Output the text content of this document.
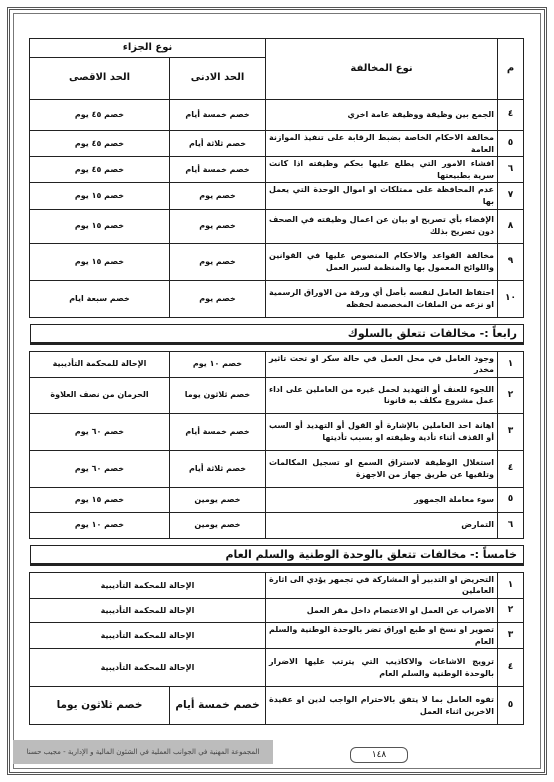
م	نوع المخالفة	نوع الجزاء	
		الحد الادنى	الحد الاقصى
٤	الجمع بين وظيفة ووظيفة عامة اخري	خصم خمسة أيام	خصم ٤٥ يوم
٥	مخالفة الاحكام الخاصة بضبط الرقابة على تنفيذ الموازنة العامة	خصم ثلاثة أيام	خصم ٤٥ يوم
٦	افشاء الامور التي يطلع عليها بحكم وظيفته اذا كانت سرية بطبيعتها	خصم خمسة أيام	خصم ٤٥ يوم
٧	عدم المحافظة على ممتلكات او اموال الوحدة التي يعمل بها	خصم يوم	خصم ١٥ يوم
٨	الإفضاء بأي تصريح او بيان عن اعمال وظيفته في الصحف دون تصريح بذلك	خصم يوم	خصم ١٥ يوم
٩	مخالفة القواعد والاحكام المنصوص عليها في القوانين واللوائح المعمول بها والمنظمة لسير العمل	خصم يوم	خصم ١٥ يوم
١٠	احتفاظ العامل لنفسه بأصل أي ورقة من الاوراق الرسمية او نزعه من الملفات المخصصة لحفظه	خصم يوم	خصم سبعة ايام
رابعاً :- مخالفات تتعلق بالسلوك
١	وجود العامل في محل العمل في حالة سكر او تحت تاثير مخدر	خصم ١٠ يوم	الإحالة للمحكمة التأديبية
٢	اللجوء للعنف أو التهديد لحمل غيره من العاملين على اداء عمل مشروع مكلف به قانونا	خصم ثلاثون يوما	الحرمان من نصف العلاوة
٣	اهانة احد العاملين بالإشارة أو القول أو التهديد أو السب أو القذف أثناء تأدية وظيفته او بسبب تأديتها	خصم خمسة أيام	خصم ٦٠ يوم
٤	استغلال الوظيفة لاستراق السمع او تسجيل المكالمات وتلقيها عن طريق جهاز من الاجهزة	خصم ثلاثة أيام	خصم ٦٠ يوم
٥	سوء معاملة الجمهور	خصم يومين	خصم ١٥ يوم
٦	التمارض	خصم يومين	خصم ١٠ يوم
خامساً :- مخالفات تتعلق بالوحدة الوطنية والسلم العام
١	التحريض او التدبير أو المشاركة في تجمهر يؤدي الى اثارة العاملين	الإحالة للمحكمة التأديبية	
٢	الاضراب عن العمل او الاعتصام داخل مقر العمل	الإحالة للمحكمة التأديبية	
٣	تصوير او نسخ او طبع اوراق تضر بالوحدة الوطنية والسلم العام	الإحالة للمحكمة التأديبية	
٤	ترويج الاشاعات والاكاذيب التي يترتب عليها الاضرار بالوحدة الوطنية والسلم العام	الإحالة للمحكمة التأديبية	
٥	تفوه العامل بما لا يتفق بالاحترام الواجب لدين او عقيدة الاخرين اثناء العمل	خصم خمسة أيام	خصم ثلاثون يوما
المجموعة المهنية في الجوانب العملية في الشئون المالية و الإدارية - مجيب حسنا	١٤٨
